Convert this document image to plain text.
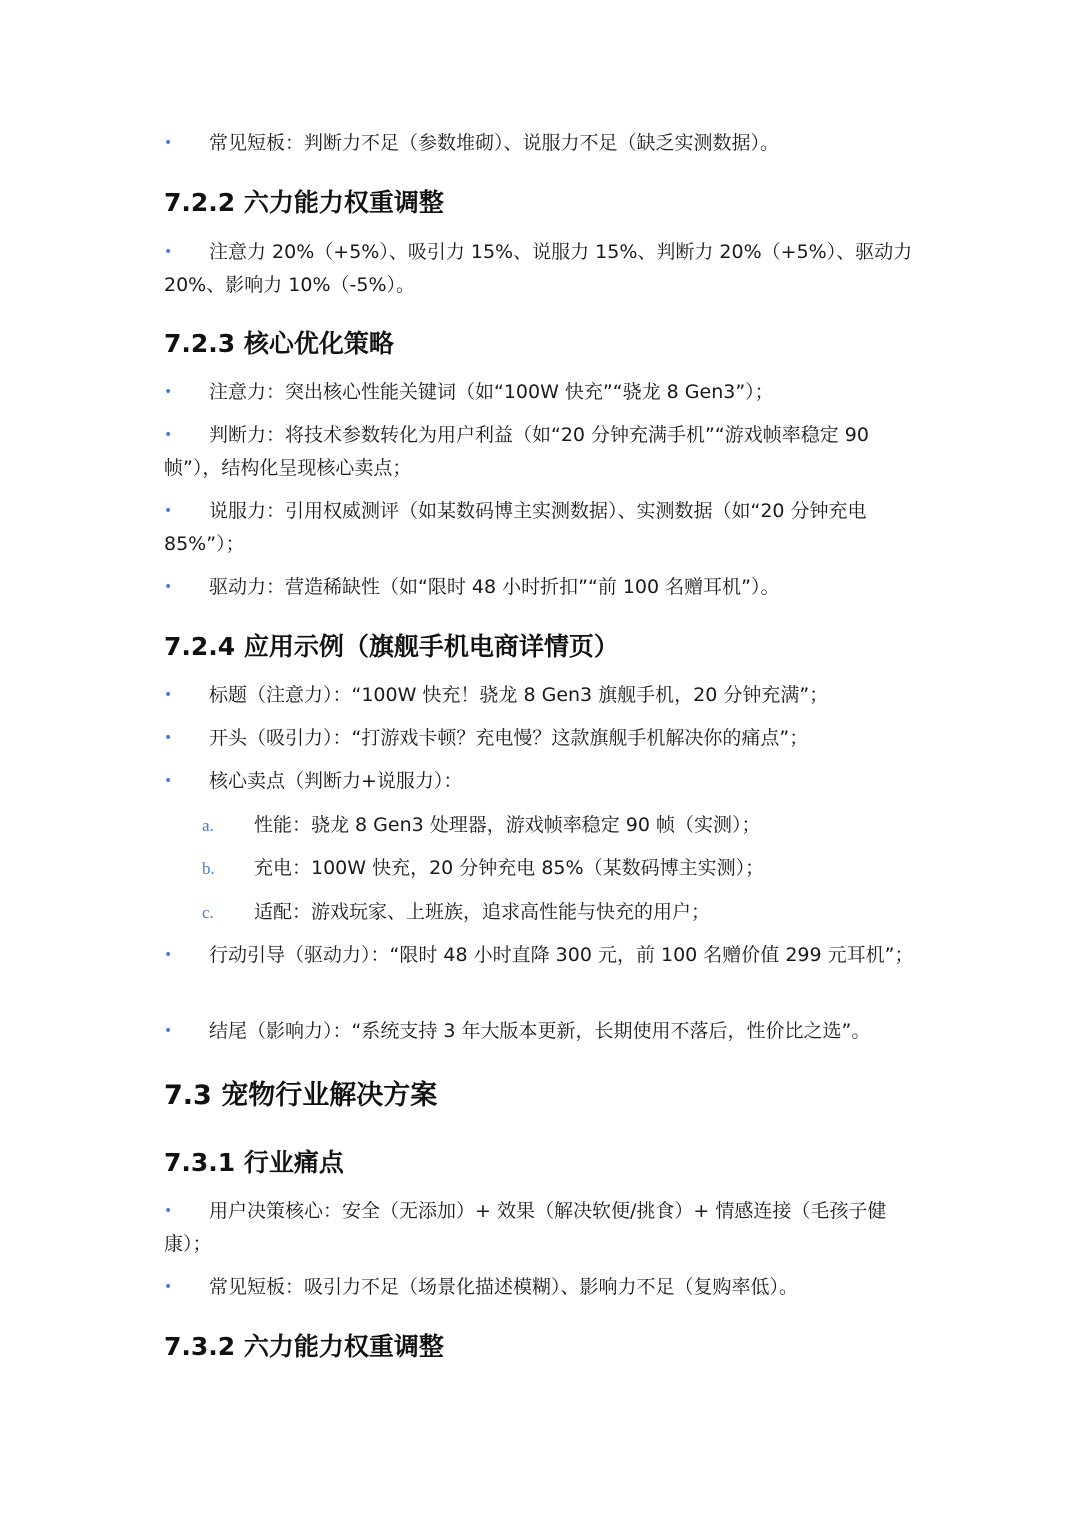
• 常见短板：判断力不足（参数堆砌）、说服力不足（缺乏实测数据）。
7.2.2 六力能力权重调整
• 注意力 20%（+5%）、吸引力 15%、说服力 15%、判断力 20%（+5%）、驱动力 20%、影响力 10%（-5%）。
7.2.3 核心优化策略
• 注意力：突出核心性能关键词（如“100W 快充”“骁龙 8 Gen3”）；
• 判断力：将技术参数转化为用户利益（如“20 分钟充满手机”“游戏帧率稳定 90 帧”），结构化呈现核心卖点；
• 说服力：引用权威测评（如某数码博主实测数据）、实测数据（如“20 分钟充电 85%”）；
• 驱动力：营造稀缺性（如“限时 48 小时折扣”“前 100 名赠耳机”）。
7.2.4 应用示例（旗舰手机电商详情页）
• 标题（注意力）：“100W 快充！骁龙 8 Gen3 旗舰手机，20 分钟充满”；
• 开头（吸引力）：“打游戏卡顿？充电慢？这款旗舰手机解决你的痛点”；
• 核心卖点（判断力+说服力）：
a. 性能：骁龙 8 Gen3 处理器，游戏帧率稳定 90 帧（实测）；
b. 充电：100W 快充，20 分钟充电 85%（某数码博主实测）；
c. 适配：游戏玩家、上班族，追求高性能与快充的用户；
• 行动引导（驱动力）：“限时 48 小时直降 300 元，前 100 名赠价值 299 元耳机”；
• 结尾（影响力）：“系统支持 3 年大版本更新，长期使用不落后，性价比之选”。
7.3 宠物行业解决方案
7.3.1 行业痛点
• 用户决策核心：安全（无添加）+ 效果（解决软便/挑食）+ 情感连接（毛孩子健康）；
• 常见短板：吸引力不足（场景化描述模糊）、影响力不足（复购率低）。
7.3.2 六力能力权重调整
